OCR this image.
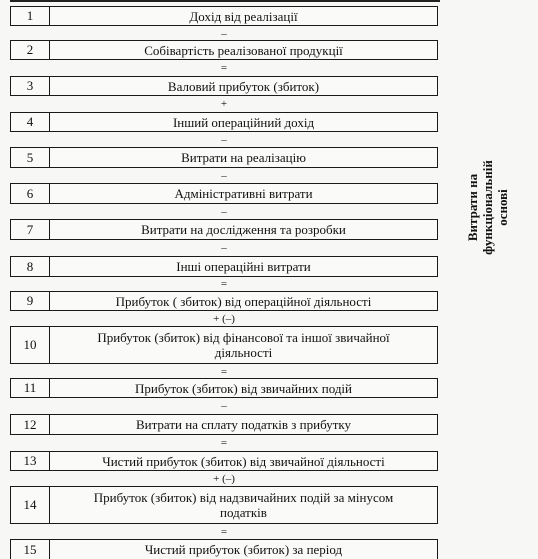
1	Дохід від реалізації
–
2	Собівартість реалізованої продукції
=
3	Валовий прибуток (збиток)
+
4	Інший операційний дохід
–
5	Витрати на реалізацію
–
6	Адміністративні витрати
–
7	Витрати на дослідження та розробки
–
8	Інші операційні витрати
=
9	Прибуток ( збиток) від операційної діяльності
+ (–)
10	Прибуток (збиток) від фінансової та іншої звичайної діяльності
=
11	Прибуток (збиток) від звичайних подій
–
12	Витрати на сплату податків з прибутку
=
13	Чистий прибуток (збиток) від звичайної діяльності
+ (–)
14	Прибуток (збиток) від надзвичайних подій за мінусом податків
=
15	Чистий прибуток (збиток) за період
Витрати на функціональній основі
